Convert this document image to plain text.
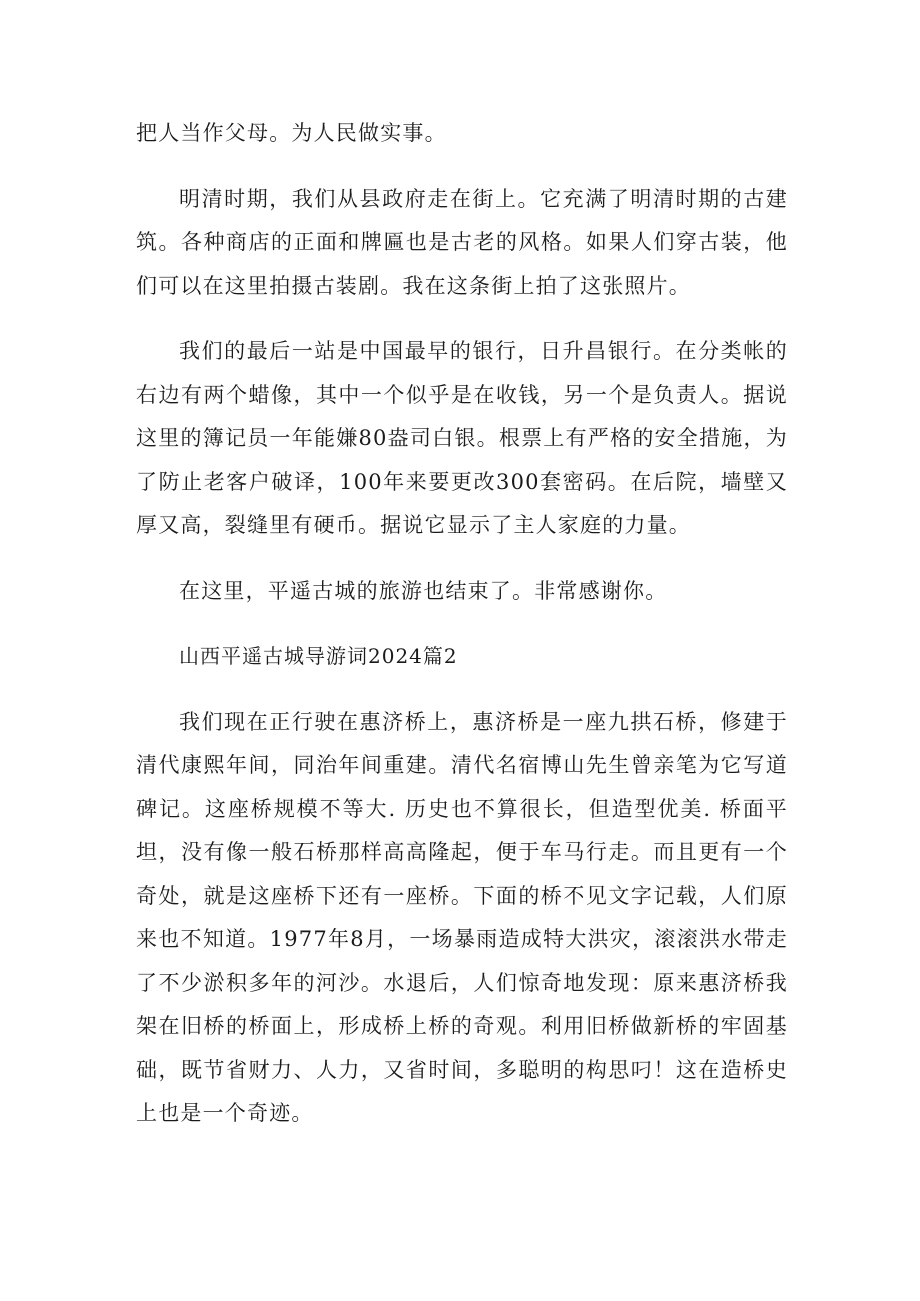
把人当作父母。为人民做实事。

明清时期，我们从县政府走在街上。它充满了明清时期的古建筑。各种商店的正面和牌匾也是古老的风格。如果人们穿古装，他们可以在这里拍摄古装剧。我在这条街上拍了这张照片。

我们的最后一站是中国最早的银行，日升昌银行。在分类帐的右边有两个蜡像，其中一个似乎是在收钱，另一个是负责人。据说这里的簿记员一年能嫌80盎司白银。根票上有严格的安全措施，为了防止老客户破译，100年来要更改300套密码。在后院，墙壁又厚又高，裂缝里有硬币。据说它显示了主人家庭的力量。

在这里，平遥古城的旅游也结束了。非常感谢你。

山西平遥古城导游词2024篇2

我们现在正行驶在惠济桥上，惠济桥是一座九拱石桥，修建于清代康熙年间，同治年间重建。清代名宿博山先生曾亲笔为它写道碑记。这座桥规模不等大. 历史也不算很长，但造型优美. 桥面平坦，没有像一般石桥那样高高隆起，便于车马行走。而且更有一个奇处，就是这座桥下还有一座桥。下面的桥不见文字记载，人们原来也不知道。1977年8月，一场暴雨造成特大洪灾，滚滚洪水带走了不少淤积多年的河沙。水退后，人们惊奇地发现：原来惠济桥我架在旧桥的桥面上，形成桥上桥的奇观。利用旧桥做新桥的牢固基础，既节省财力、人力，又省时间，多聪明的构思叼！这在造桥史上也是一个奇迹。
